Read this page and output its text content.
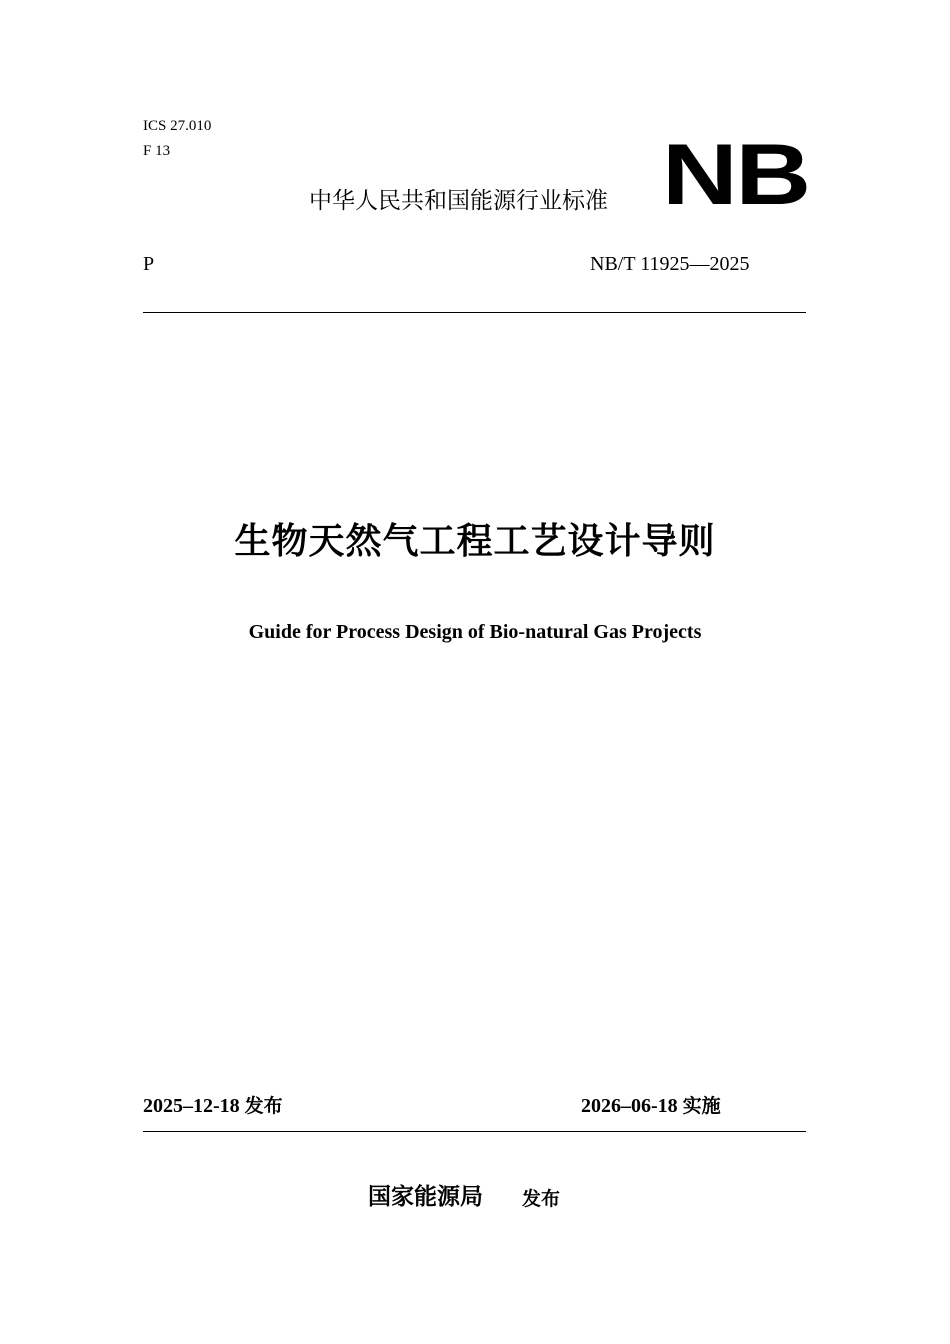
ICS 27.010
F 13
中华人民共和国能源行业标准 NB
P	NB/T 11925—2025
生物天然气工程工艺设计导则
Guide for Process Design of Bio-natural Gas Projects
2025–12-18 发布	2026–06-18 实施
国家能源局 发布
